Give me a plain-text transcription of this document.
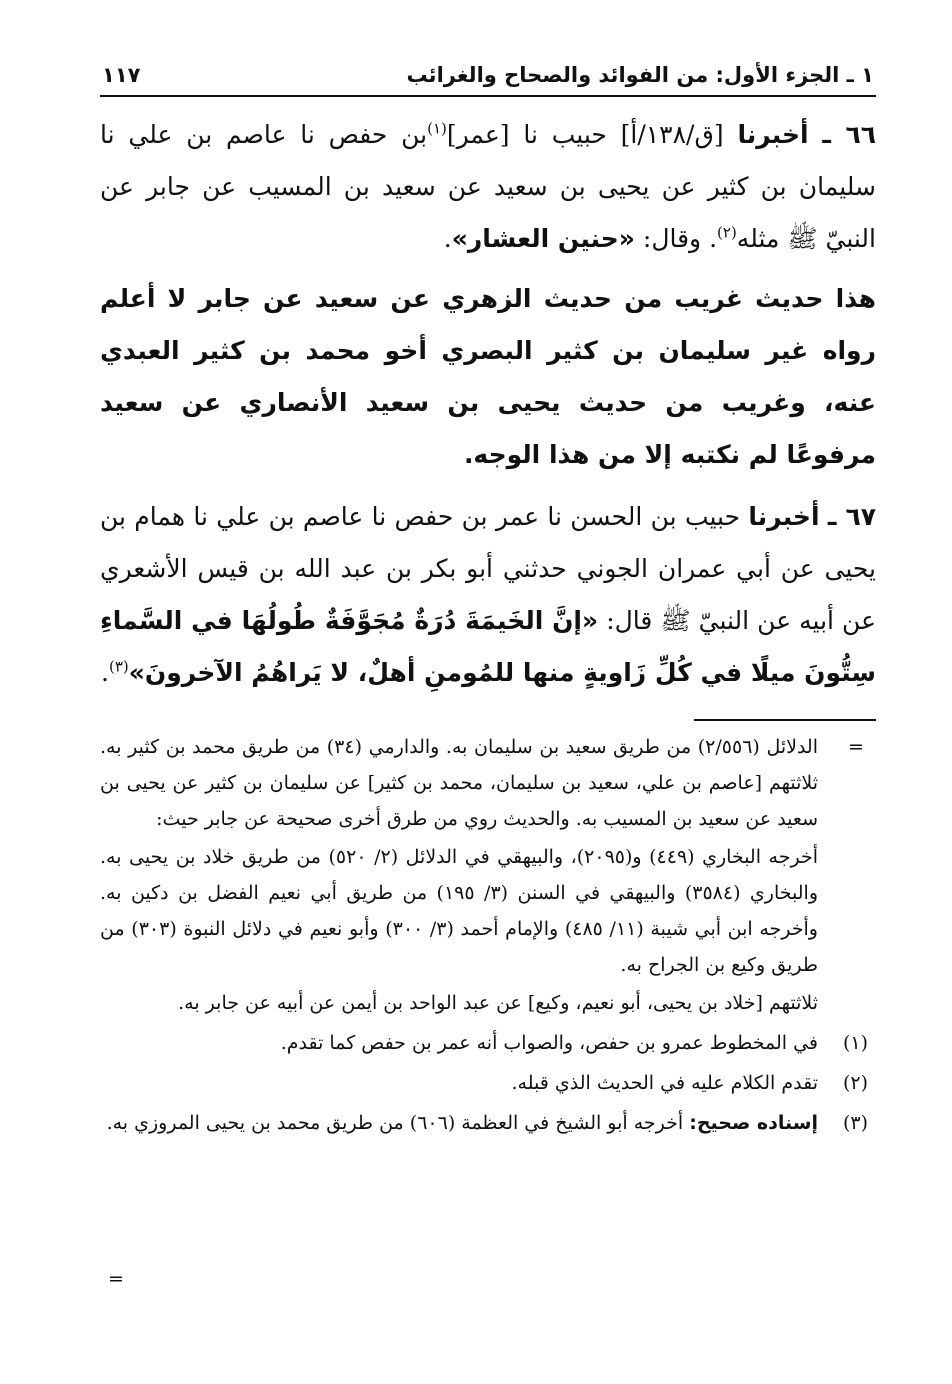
١ ـ الجزء الأول: من الفوائد والصحاح والغرائب
١١٧

٦٦ ـ أخبرنا [ق/١٣٨/أ] حبيب نا [عمر]$^{(١)}$بن حفص نا عاصم بن علي نا سليمان بن كثير عن يحيى بن سعيد عن سعيد بن المسيب عن جابر عن النبيّ ﷺ مثله$^{(٢)}$. وقال: «حنين العشار».

هذا حديث غريب من حديث الزهري عن سعيد عن جابر لا أعلم رواه غير سليمان بن كثير البصري أخو محمد بن كثير العبدي عنه، وغريب من حديث يحيى بن سعيد الأنصاري عن سعيد مرفوعًا لم نكتبه إلا من هذا الوجه.

٦٧ ـ أخبرنا حبيب بن الحسن نا عمر بن حفص نا عاصم بن علي نا همام بن يحيى عن أبي عمران الجوني حدثني أبو بكر بن عبد الله بن قيس الأشعري عن أبيه عن النبيّ ﷺ قال: «إنَّ الخَيمَةَ دُرَةٌ مُجَوَّفَةٌ طُولُهَا في السَّماءِ سِتُّونَ ميلًا في كُلِّ زَاويةٍ منها للمُومنِ أهلٌ، لا يَراهُمُ الآخرونَ»$^{(٣)}$.

=
الدلائل (٢/٥٥٦) من طريق سعيد بن سليمان به. والدارمي (٣٤) من طريق محمد بن كثير به. ثلاثتهم [عاصم بن علي، سعيد بن سليمان، محمد بن كثير] عن سليمان بن كثير عن يحيى بن سعيد عن سعيد بن المسيب به. والحديث روي من طرق أخرى صحيحة عن جابر حيث:
أخرجه البخاري (٤٤٩) و(٢٠٩٥)، والبيهقي في الدلائل (٢/ ٥٢٠) من طريق خلاد بن يحيى به. والبخاري (٣٥٨٤) والبيهقي في السنن (٣/ ١٩٥) من طريق أبي نعيم الفضل بن دكين به. وأخرجه ابن أبي شيبة (١١/ ٤٨٥) والإمام أحمد (٣/ ٣٠٠) وأبو نعيم في دلائل النبوة (٣٠٣) من طريق وكيع بن الجراح به.
ثلاثتهم [خلاد بن يحيى، أبو نعيم، وكيع] عن عبد الواحد بن أيمن عن أبيه عن جابر به.
(١)
في المخطوط عمرو بن حفص، والصواب أنه عمر بن حفص كما تقدم.
(٢)
تقدم الكلام عليه في الحديث الذي قبله.
(٣)
إسناده صحيح: أخرجه أبو الشيخ في العظمة (٦٠٦) من طريق محمد بن يحيى المروزي به.
=
